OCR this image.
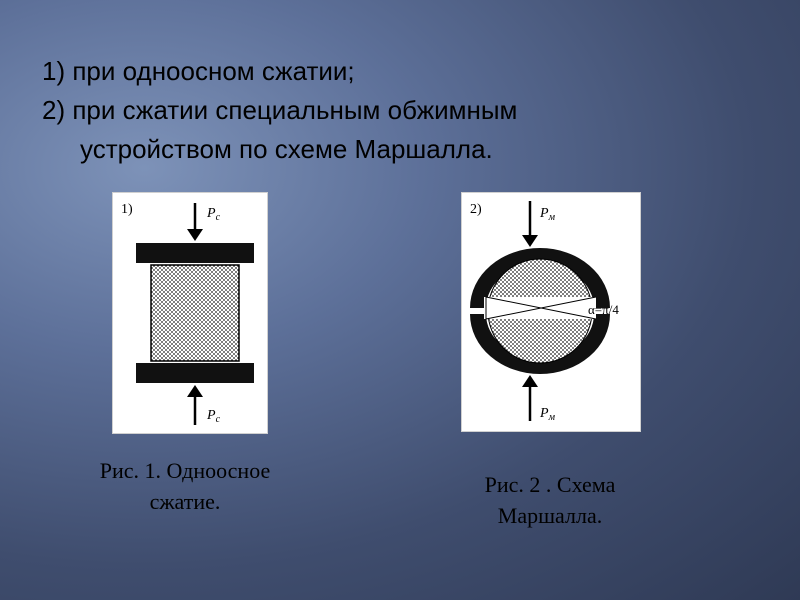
1) при одноосном сжатии;
2) при сжатии специальным обжимным
устройством по схеме Маршалла.
1)	$P_c$
$P_c$
2)	$P_м$
α=π/4
$P_м$
Рис. 1. Одноосное
сжатие.
Рис. 2 . Схема
Маршалла.
